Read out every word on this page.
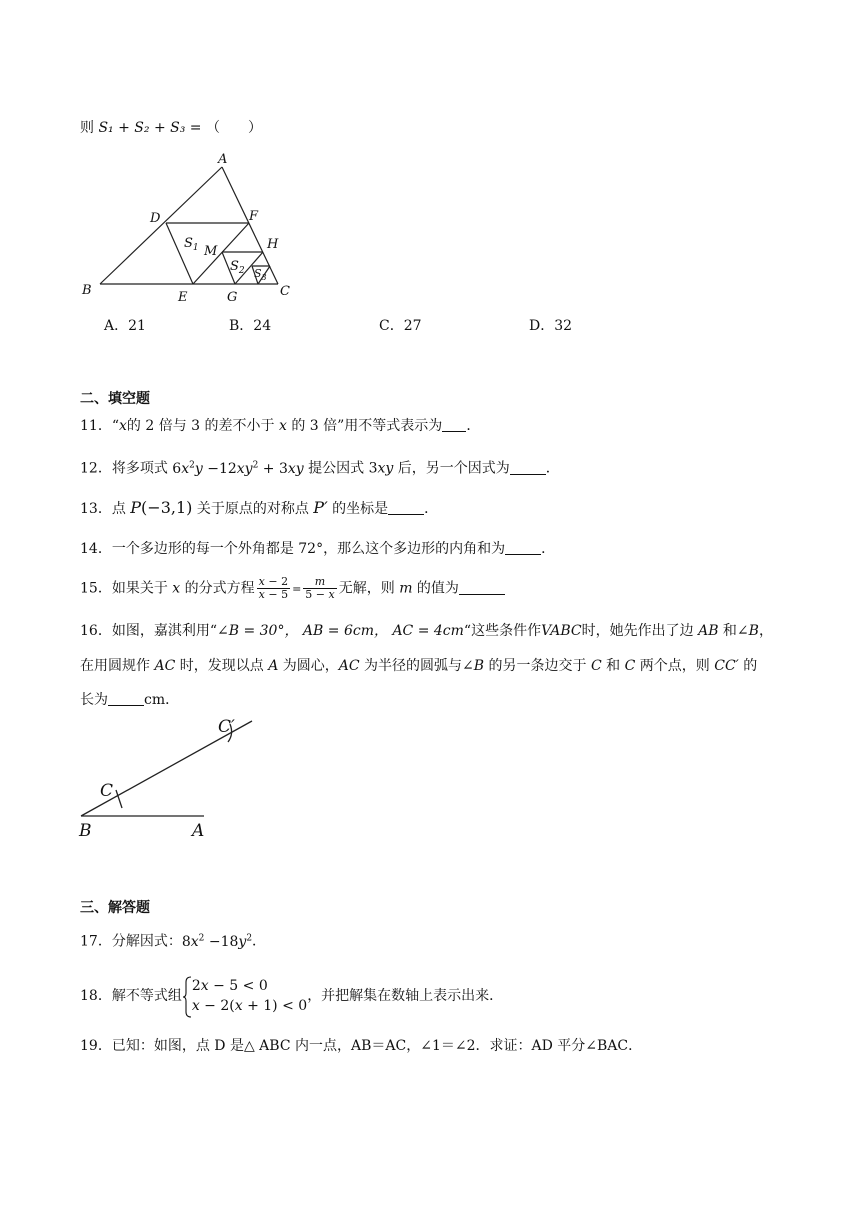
则 S₁ + S₂ + S₃ = （　　）
A
B	C
D
E
F
G
H
M
$S_1$
$S_2$ $S_3$
A．21	B．24	C．27	D．32
二、填空题
11．“x的 2 倍与 3 的差不小于 x 的 3 倍”用不等式表示为 ．
12．将多项式 $6x^2y -12xy^2 + 3xy$ 提公因式 3xy 后，另一个因式为	．
13．点 P(−3,1) 关于原点的对称点 P′ 的坐标是	．
14．一个多边形的每一个外角都是 72°，那么这个多边形的内角和为	．
15．如果关于 x 的分式方程 $\frac{x - 2}{x - 5} = \frac{m}{5 - x}$ 无解，则 m 的值为
16．如图，嘉淇利用“∠B = 30°， AB = 6cm， AC = 4cm“这些条件作VABC时，她先作出了边 AB 和∠B，
在用圆规作 AC 时，发现以点 A 为圆心，AC 为半径的圆弧与∠B 的另一条边交于 C 和 C 两个点，则 CC′ 的
长为	cm．
C
C′
B	A
三、解答题
17．分解因式：$8x^2 -18y^2$．
18．解不等式组
2x − 5 < 0
x − 2(x + 1) < 0
，并把解集在数轴上表示出来．
19．已知：如图，点 D 是△ ABC 内一点，AB＝AC，∠1＝∠2．求证：AD 平分∠BAC．
